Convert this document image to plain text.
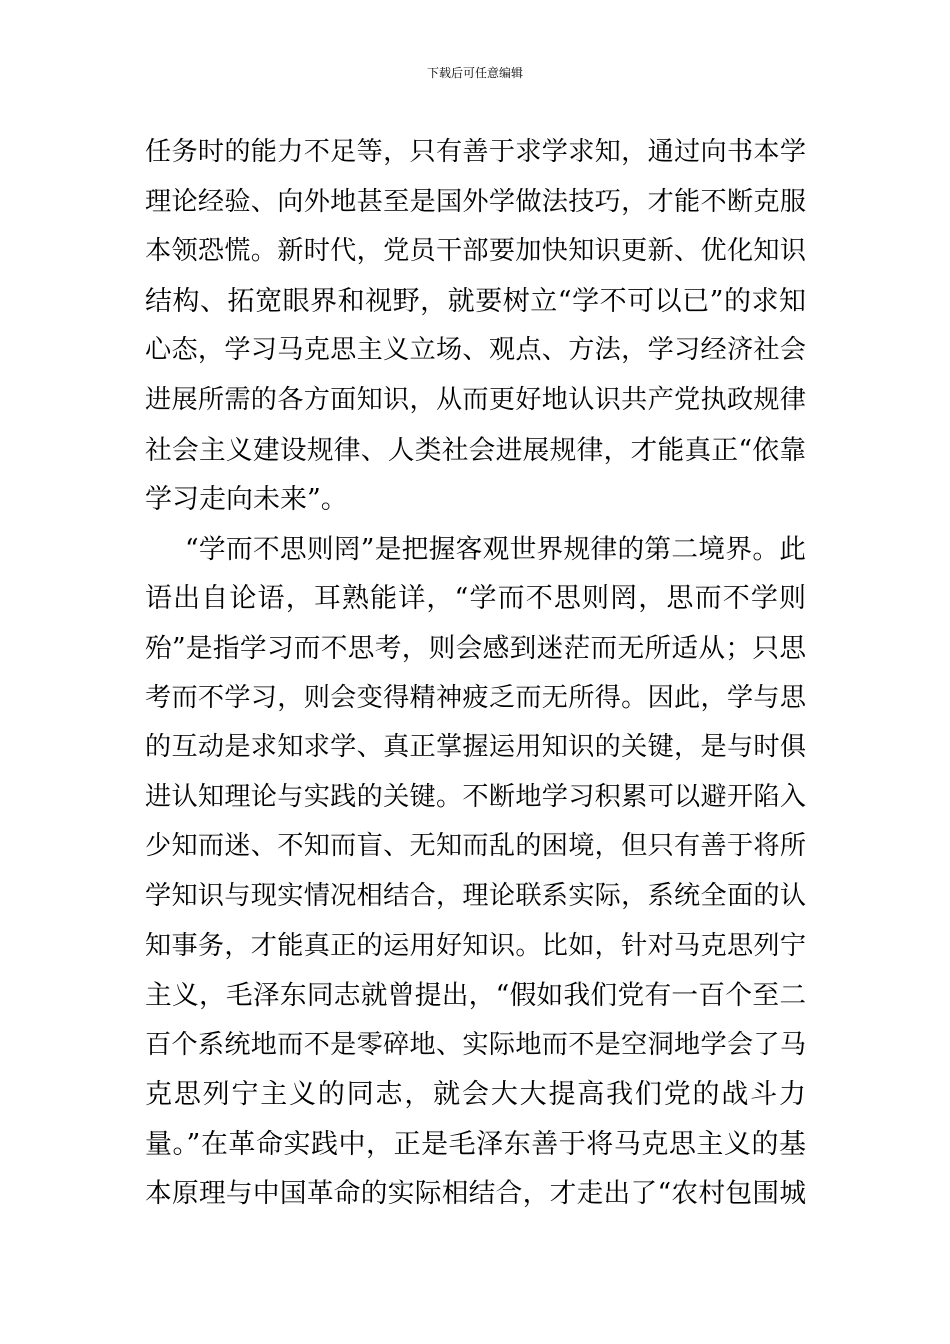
下载后可任意编辑
任务时的能力不足等，只有善于求学求知，通过向书本学
理论经验、向外地甚至是国外学做法技巧，才能不断克服
本领恐慌。新时代，党员干部要加快知识更新、优化知识
结构、拓宽眼界和视野，就要树立“学不可以已”的求知
心态，学习马克思主义立场、观点、方法，学习经济社会
进展所需的各方面知识，从而更好地认识共产党执政规律
社会主义建设规律、人类社会进展规律，才能真正“依靠
学习走向未来”。
“学而不思则罔”是把握客观世界规律的第二境界。此
语出自论语，耳熟能详，“学而不思则罔，思而不学则
殆”是指学习而不思考，则会感到迷茫而无所适从；只思
考而不学习，则会变得精神疲乏而无所得。因此，学与思
的互动是求知求学、真正掌握运用知识的关键，是与时俱
进认知理论与实践的关键。不断地学习积累可以避开陷入
少知而迷、不知而盲、无知而乱的困境，但只有善于将所
学知识与现实情况相结合，理论联系实际，系统全面的认
知事务，才能真正的运用好知识。比如，针对马克思列宁
主义，毛泽东同志就曾提出，“假如我们党有一百个至二
百个系统地而不是零碎地、实际地而不是空洞地学会了马
克思列宁主义的同志，就会大大提高我们党的战斗力
量。”在革命实践中，正是毛泽东善于将马克思主义的基
本原理与中国革命的实际相结合，才走出了“农村包围城
